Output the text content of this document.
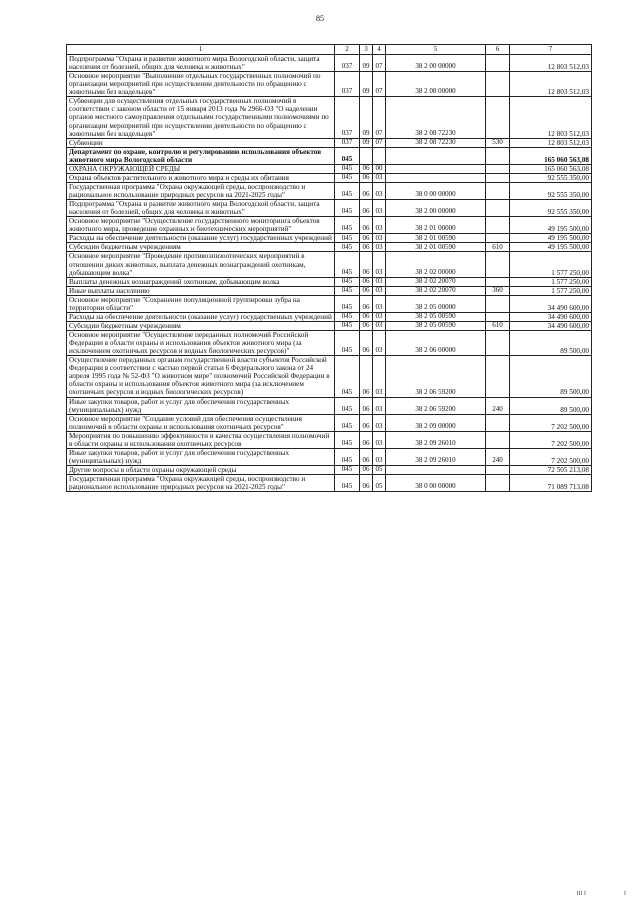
85
1	2	3	4	5	6	7
Подпрограмма "Охрана и развитие животного мира Вологодской области, защита населения от болезней, общих для человека и животных"	037	09	07	38 2 00 00000		12 803 512,03
Основное мероприятие "Выполнение отдельных государственных полномочий по организации мероприятий при осуществлении деятельности по обращению с животными без владельцев"	037	09	07	38 2 08 00000		12 803 512,03
Субвенции для осуществления отдельных государственных полномочий в соответствии с законом области от 15 января 2013 года № 2966-ОЗ "О наделении органов местного самоуправления отдельными государственными полномочиями по организации мероприятий при осуществлении деятельности по обращению с животными без владельцев"	037	09	07	38 2 08 72230		12 803 512,03
Субвенции	037	09	07	38 2 08 72230	530	12 803 512,03
Департамент по охране, контролю и регулированию использования объектов животного мира Вологодской области	045					165 060 563,08
ОХРАНА ОКРУЖАЮЩЕЙ СРЕДЫ	045	06	00			165 060 563,08
Охрана объектов растительного и животного мира и среды их обитания	045	06	03			92 555 350,00
Государственная программа "Охрана окружающей среды, воспроизводство и рациональное использование природных ресурсов на 2021-2025 годы"	045	06	03	38 0 00 00000		92 555 350,00
Подпрограмма "Охрана и развитие животного мира Вологодской области, защита населения от болезней, общих для человека и животных"	045	06	03	38 2 00 00000		92 555 350,00
Основное мероприятие "Осуществление государственного мониторинга объектов животного мира, проведение охранных и биотехнических мероприятий"	045	06	03	38 2 01 00000		49 195 500,00
Расходы на обеспечение деятельности (оказание услуг) государственных учреждений	045	06	03	38 2 01 00590		49 195 500,00
Субсидии бюджетным учреждениям	045	06	03	38 2 01 00590	610	49 195 500,00
Основное мероприятие "Проведение противоэпизоотических мероприятий в отношении диких животных, выплата денежных вознаграждений охотникам, добывающим волка"	045	06	03	38 2 02 00000		1 577 250,00
Выплаты денежных вознаграждений охотникам, добывающим волка	045	06	03	38 2 02 20070		1 577 250,00
Иные выплаты населению	045	06	03	38 2 02 20070	360	1 577 250,00
Основное мероприятие "Сохранение популяционной группировки зубра на территории области"	045	06	03	38 2 05 00000		34 490 600,00
Расходы на обеспечение деятельности (оказание услуг) государственных учреждений	045	06	03	38 2 05 00590		34 490 600,00
Субсидии бюджетным учреждениям	045	06	03	38 2 05 00590	610	34 490 600,00
Основное мероприятие "Осуществление переданных полномочий Российской Федерации в области охраны и использования объектов животного мира (за исключением охотничьих ресурсов и водных биологических ресурсов)"	045	06	03	38 2 06 00000		89 500,00
Осуществление переданных органам государственной власти субъектов Российской Федерации в соответствии с частью первой статьи 6 Федерального закона от 24 апреля 1995 года № 52-ФЗ "О животном мире" полномочий Российской Федерации в области охраны и использования объектов животного мира (за исключением охотничьих ресурсов и водных биологических ресурсов)	045	06	03	38 2 06 59200		89 500,00
Иные закупки товаров, работ и услуг для обеспечения государственных (муниципальных) нужд	045	06	03	38 2 06 59200	240	89 500,00
Основное мероприятие "Создание условий для обеспечения осуществления полномочий в области охраны и использования охотничьих ресурсов"	045	06	03	38 2 09 00000		7 202 500,00
Мероприятия по повышению эффективности и качества осуществления полномочий в области охраны и использования охотничьих ресурсов	045	06	03	38 2 09 26010		7 202 500,00
Иные закупки товаров, работ и услуг для обеспечения государственных (муниципальных) нужд	045	06	03	38 2 09 26010	240	7 202 500,00
Другие вопросы в области охраны окружающей среды	045	06	05			72 505 213,08
Государственная программа "Охрана окружающей среды, воспроизводство и рациональное использование природных ресурсов на 2021-2025 годы"	045	06	05	38 0 00 00000		71 089 713,08
ІІІ І	І
